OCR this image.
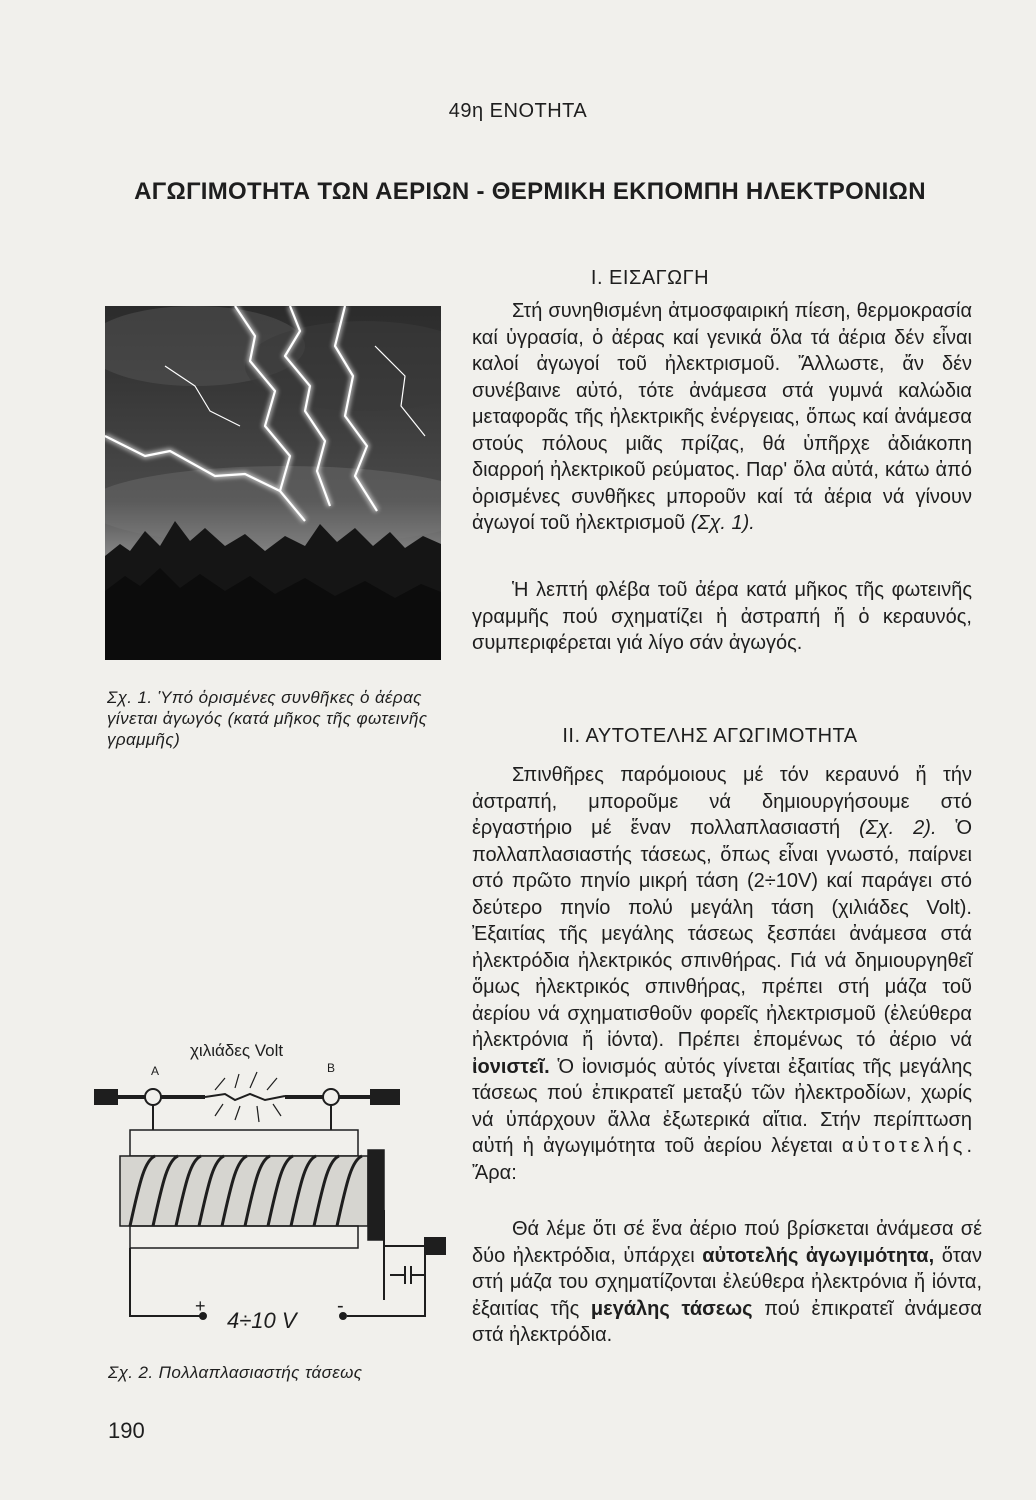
49η ΕΝΟΤΗΤΑ
ΑΓΩΓΙΜΟΤΗΤΑ ΤΩΝ ΑΕΡΙΩΝ - ΘΕΡΜΙΚΗ ΕΚΠΟΜΠΗ ΗΛΕΚΤΡΟΝΙΩΝ
Σχ. 1. Ὑπό ὁρισμένες συνθῆκες ὁ ἀέρας γίνεται ἀγωγός (κατά μῆκος τῆς φωτεινῆς γραμμῆς)
Ι. ΕΙΣΑΓΩΓΗ

Στή συνηθισμένη ἀτμοσφαιρική πίεση, θερμοκρασία καί ὑγρασία, ὁ ἀέρας καί γενικά ὅλα τά ἀέρια δέν εἶναι καλοί ἀγωγοί τοῦ ἠλεκτρισμοῦ. Ἄλλωστε, ἄν δέν συνέβαινε αὐτό, τότε ἀνάμεσα στά γυμνά καλώδια μεταφορᾶς τῆς ἠλεκτρικῆς ἐνέργειας, ὅπως καί ἀνάμεσα στούς πόλους μιᾶς πρίζας, θά ὑπῆρχε ἀδιάκοπη διαρροή ἠλεκτρικοῦ ρεύματος. Παρ' ὅλα αὐτά, κάτω ἀπό ὁρισμένες συνθῆκες μποροῦν καί τά ἀέρια νά γίνουν ἀγωγοί τοῦ ἠλεκτρισμοῦ (Σχ. 1).

Ἡ λεπτή φλέβα τοῦ ἀέρα κατά μῆκος τῆς φωτεινῆς γραμμῆς πού σχηματίζει ἡ ἀστραπή ἤ ὁ κεραυνός, συμπεριφέρεται γιά λίγο σάν ἀγωγός.

ΙΙ. ΑΥΤΟΤΕΛΗΣ ΑΓΩΓΙΜΟΤΗΤΑ

Σπινθῆρες παρόμοιους μέ τόν κεραυνό ἤ τήν ἀστραπή, μποροῦμε νά δημιουργήσουμε στό ἐργαστήριο μέ ἕναν πολλαπλασιαστή (Σχ. 2). Ὁ πολλαπλασιαστής τάσεως, ὅπως εἶναι γνωστό, παίρνει στό πρῶτο πηνίο μικρή τάση (2÷10V) καί παράγει στό δεύτερο πηνίο πολύ μεγάλη τάση (χιλιάδες Volt). Ἐξαιτίας τῆς μεγάλης τάσεως ξεσπάει ἀνάμεσα στά ἠλεκτρόδια ἠλεκτρικός σπινθήρας. Γιά νά δημιουργηθεῖ ὅμως ἠλεκτρικός σπινθήρας, πρέπει στή μάζα τοῦ ἀερίου νά σχηματισθοῦν φορεῖς ἠλεκτρισμοῦ (ἐλεύθερα ἠλεκτρόνια ἤ ἰόντα). Πρέπει ἑπομένως τό ἀέριο νά ἰονιστεῖ. Ὁ ἰονισμός αὐτός γίνεται ἐξαιτίας τῆς μεγάλης τάσεως πού ἐπικρατεῖ μεταξύ τῶν ἠλεκτροδίων, χωρίς νά ὑπάρχουν ἄλλα ἐξωτερικά αἴτια. Στήν περίπτωση αὐτή ἡ ἀγωγιμότητα τοῦ ἀερίου λέγεται αὐτοτελής. Ἄρα:

Θά λέμε ὅτι σέ ἕνα ἀέριο πού βρίσκεται ἀνάμεσα σέ δύο ἠλεκτρόδια, ὑπάρχει αὐτοτελής ἀγωγιμότητα, ὅταν στή μάζα του σχηματίζονται ἐλεύθερα ἠλεκτρόνια ἤ ἰόντα, ἐξαιτίας τῆς μεγάλης τάσεως πού ἐπικρατεῖ ἀνάμεσα στά ἠλεκτρόδια.

χιλιάδες Volt
A	B
+	-
4÷10 V
Σχ. 2. Πολλαπλασιαστής τάσεως
190
